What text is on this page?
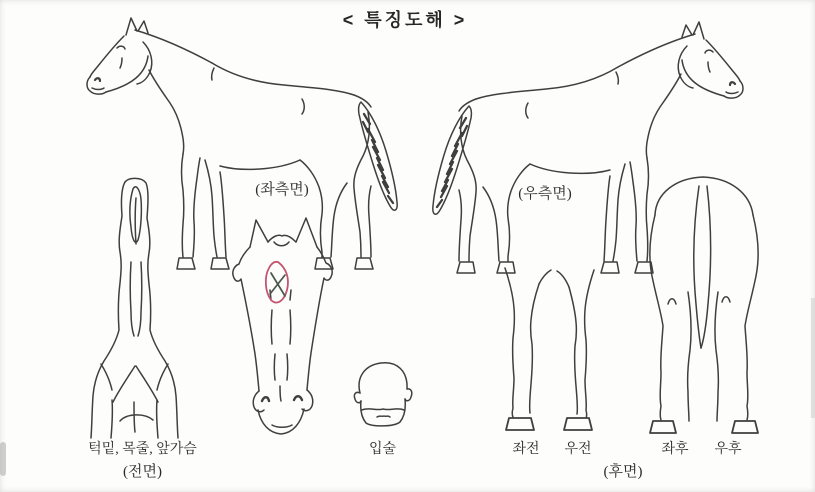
< 특징도해 >
(좌측면)	(우측면)
턱밑, 목줄, 앞가슴
(전면)
입술	좌전	우전	좌후	우후
(후면)
